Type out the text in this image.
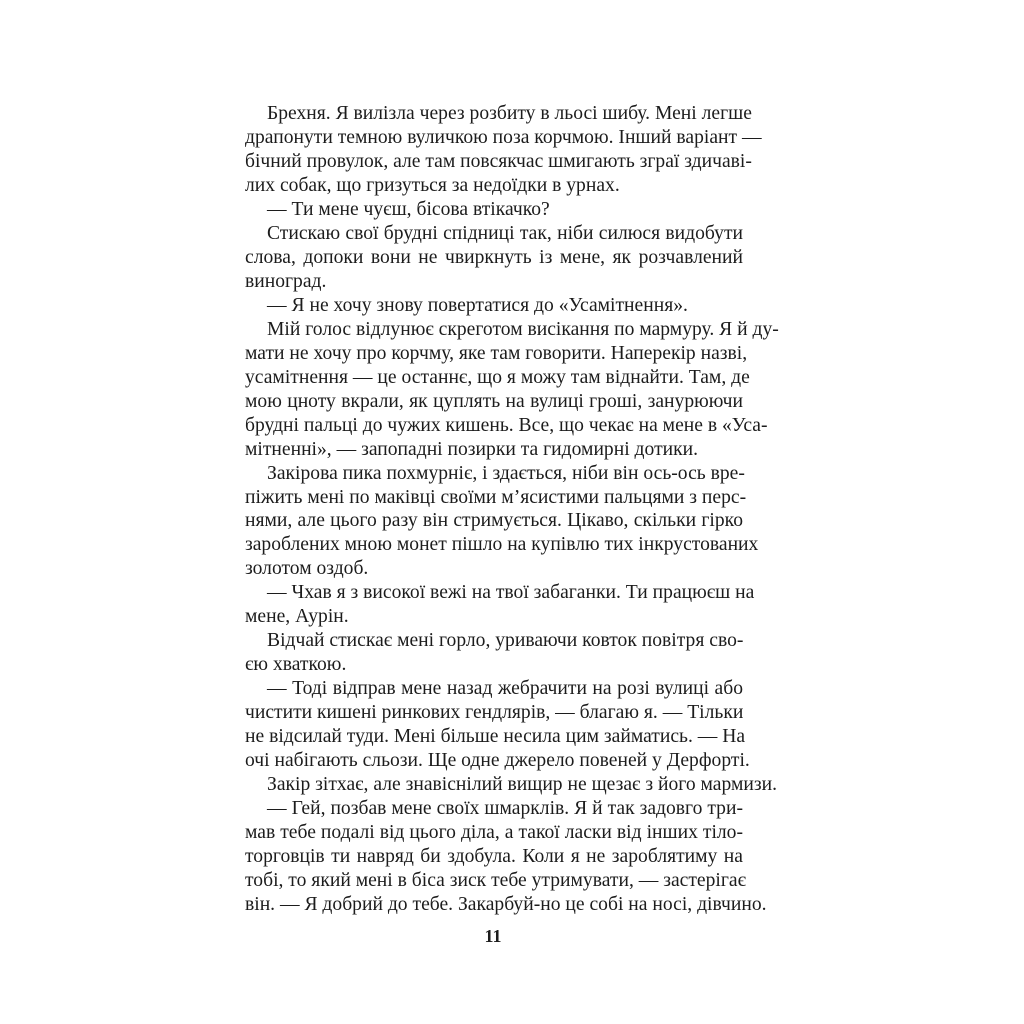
Брехня. Я вилізла через розбиту в льосі шибу. Мені легше
драпонути темною вуличкою поза корчмою. Інший варіант —
бічний провулок, але там повсякчас шмигають зграї здичаві-
лих собак, що гризуться за недоїдки в урнах.
— Ти мене чуєш, бісова втікачко?
Стискаю свої брудні спідниці так, ніби силюся видобути
слова, допоки вони не чвиркнуть із мене, як розчавлений
виноград.
— Я не хочу знову повертатися до «Усамітнення».
Мій голос відлунює скреготом висікання по мармуру. Я й ду-
мати не хочу про корчму, яке там говорити. Наперекір назві,
усамітнення — це останнє, що я можу там віднайти. Там, де
мою цноту вкрали, як цуплять на вулиці гроші, занурюючи
брудні пальці до чужих кишень. Все, що чекає на мене в «Уса-
мітненні», — запопадні позирки та гидомирні дотики.
Закірова пика похмурніє, і здається, ніби він ось-ось вре-
піжить мені по маківці своїми м’ясистими пальцями з перс-
нями, але цього разу він стримується. Цікаво, скільки гірко
зароблених мною монет пішло на купівлю тих інкрустованих
золотом оздоб.
— Чхав я з високої вежі на твої забаганки. Ти працюєш на
мене, Аурін.
Відчай стискає мені горло, уриваючи ковток повітря сво-
єю хваткою.
— Тоді відправ мене назад жебрачити на розі вулиці або
чистити кишені ринкових гендлярів, — благаю я. — Тільки
не відсилай туди. Мені більше несила цим займатись. — На
очі набігають сльози. Ще одне джерело повеней у Дерфорті.
Закір зітхає, але знавіснілий вищир не щезає з його мармизи.
— Гей, позбав мене своїх шмарклів. Я й так задовго три-
мав тебе подалі від цього діла, а такої ласки від інших тіло-
торговців ти навряд би здобула. Коли я не зароблятиму на
тобі, то який мені в біса зиск тебе утримувати, — застерігає
він. — Я добрий до тебе. Закарбуй-но це собі на носі, дівчино.
11
